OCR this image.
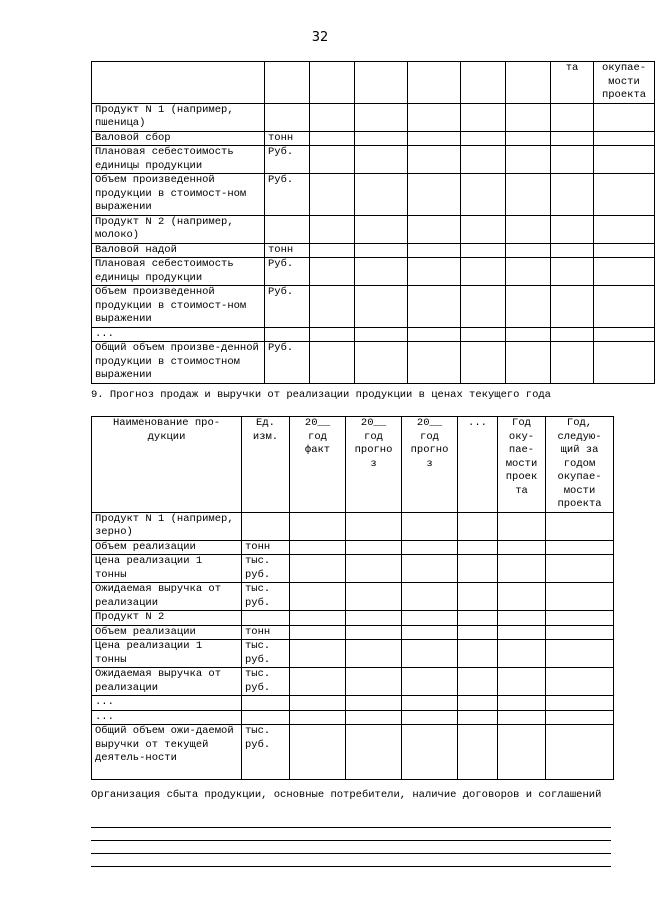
32
							та	окупае-мости проекта
Продукт N 1 (например, пшеница)								
Валовой сбор	тонн							
Плановая себестоимость единицы продукции	Руб.							
Объем произведенной продукции в стоимост-ном выражении	Руб.							
Продукт N 2 (например, молоко)								
Валовой надой	тонн							
Плановая себестоимость единицы продукции	Руб.							
Объем произведенной продукции в стоимост-ном выражении	Руб.							
...								
Общий объем произве-денной продукции в стоимостном выражении	Руб.							
9. Прогноз продаж и выручки от реализации продукции в ценах текущего года
Наименование про-дукции	Ед. изм.	20__ год факт	20__ год прогно з	20__ год прогно з	...	Год оку-пае-мости проек та	Год, следую-щий за годом окупае-мости проекта
Продукт N 1 (например, зерно)							
Объем реализации	тонн						
Цена реализации 1 тонны	тыс. руб.						
Ожидаемая выручка от реализации	тыс. руб.						
Продукт N 2							
Объем реализации	тонн						
Цена реализации 1 тонны	тыс. руб.						
Ожидаемая выручка от реализации	тыс. руб.						
...							
...							
Общий объем ожи-даемой выручки от текущей деятель-ности	тыс. руб.						
Организация сбыта продукции, основные потребители, наличие договоров и соглашений
